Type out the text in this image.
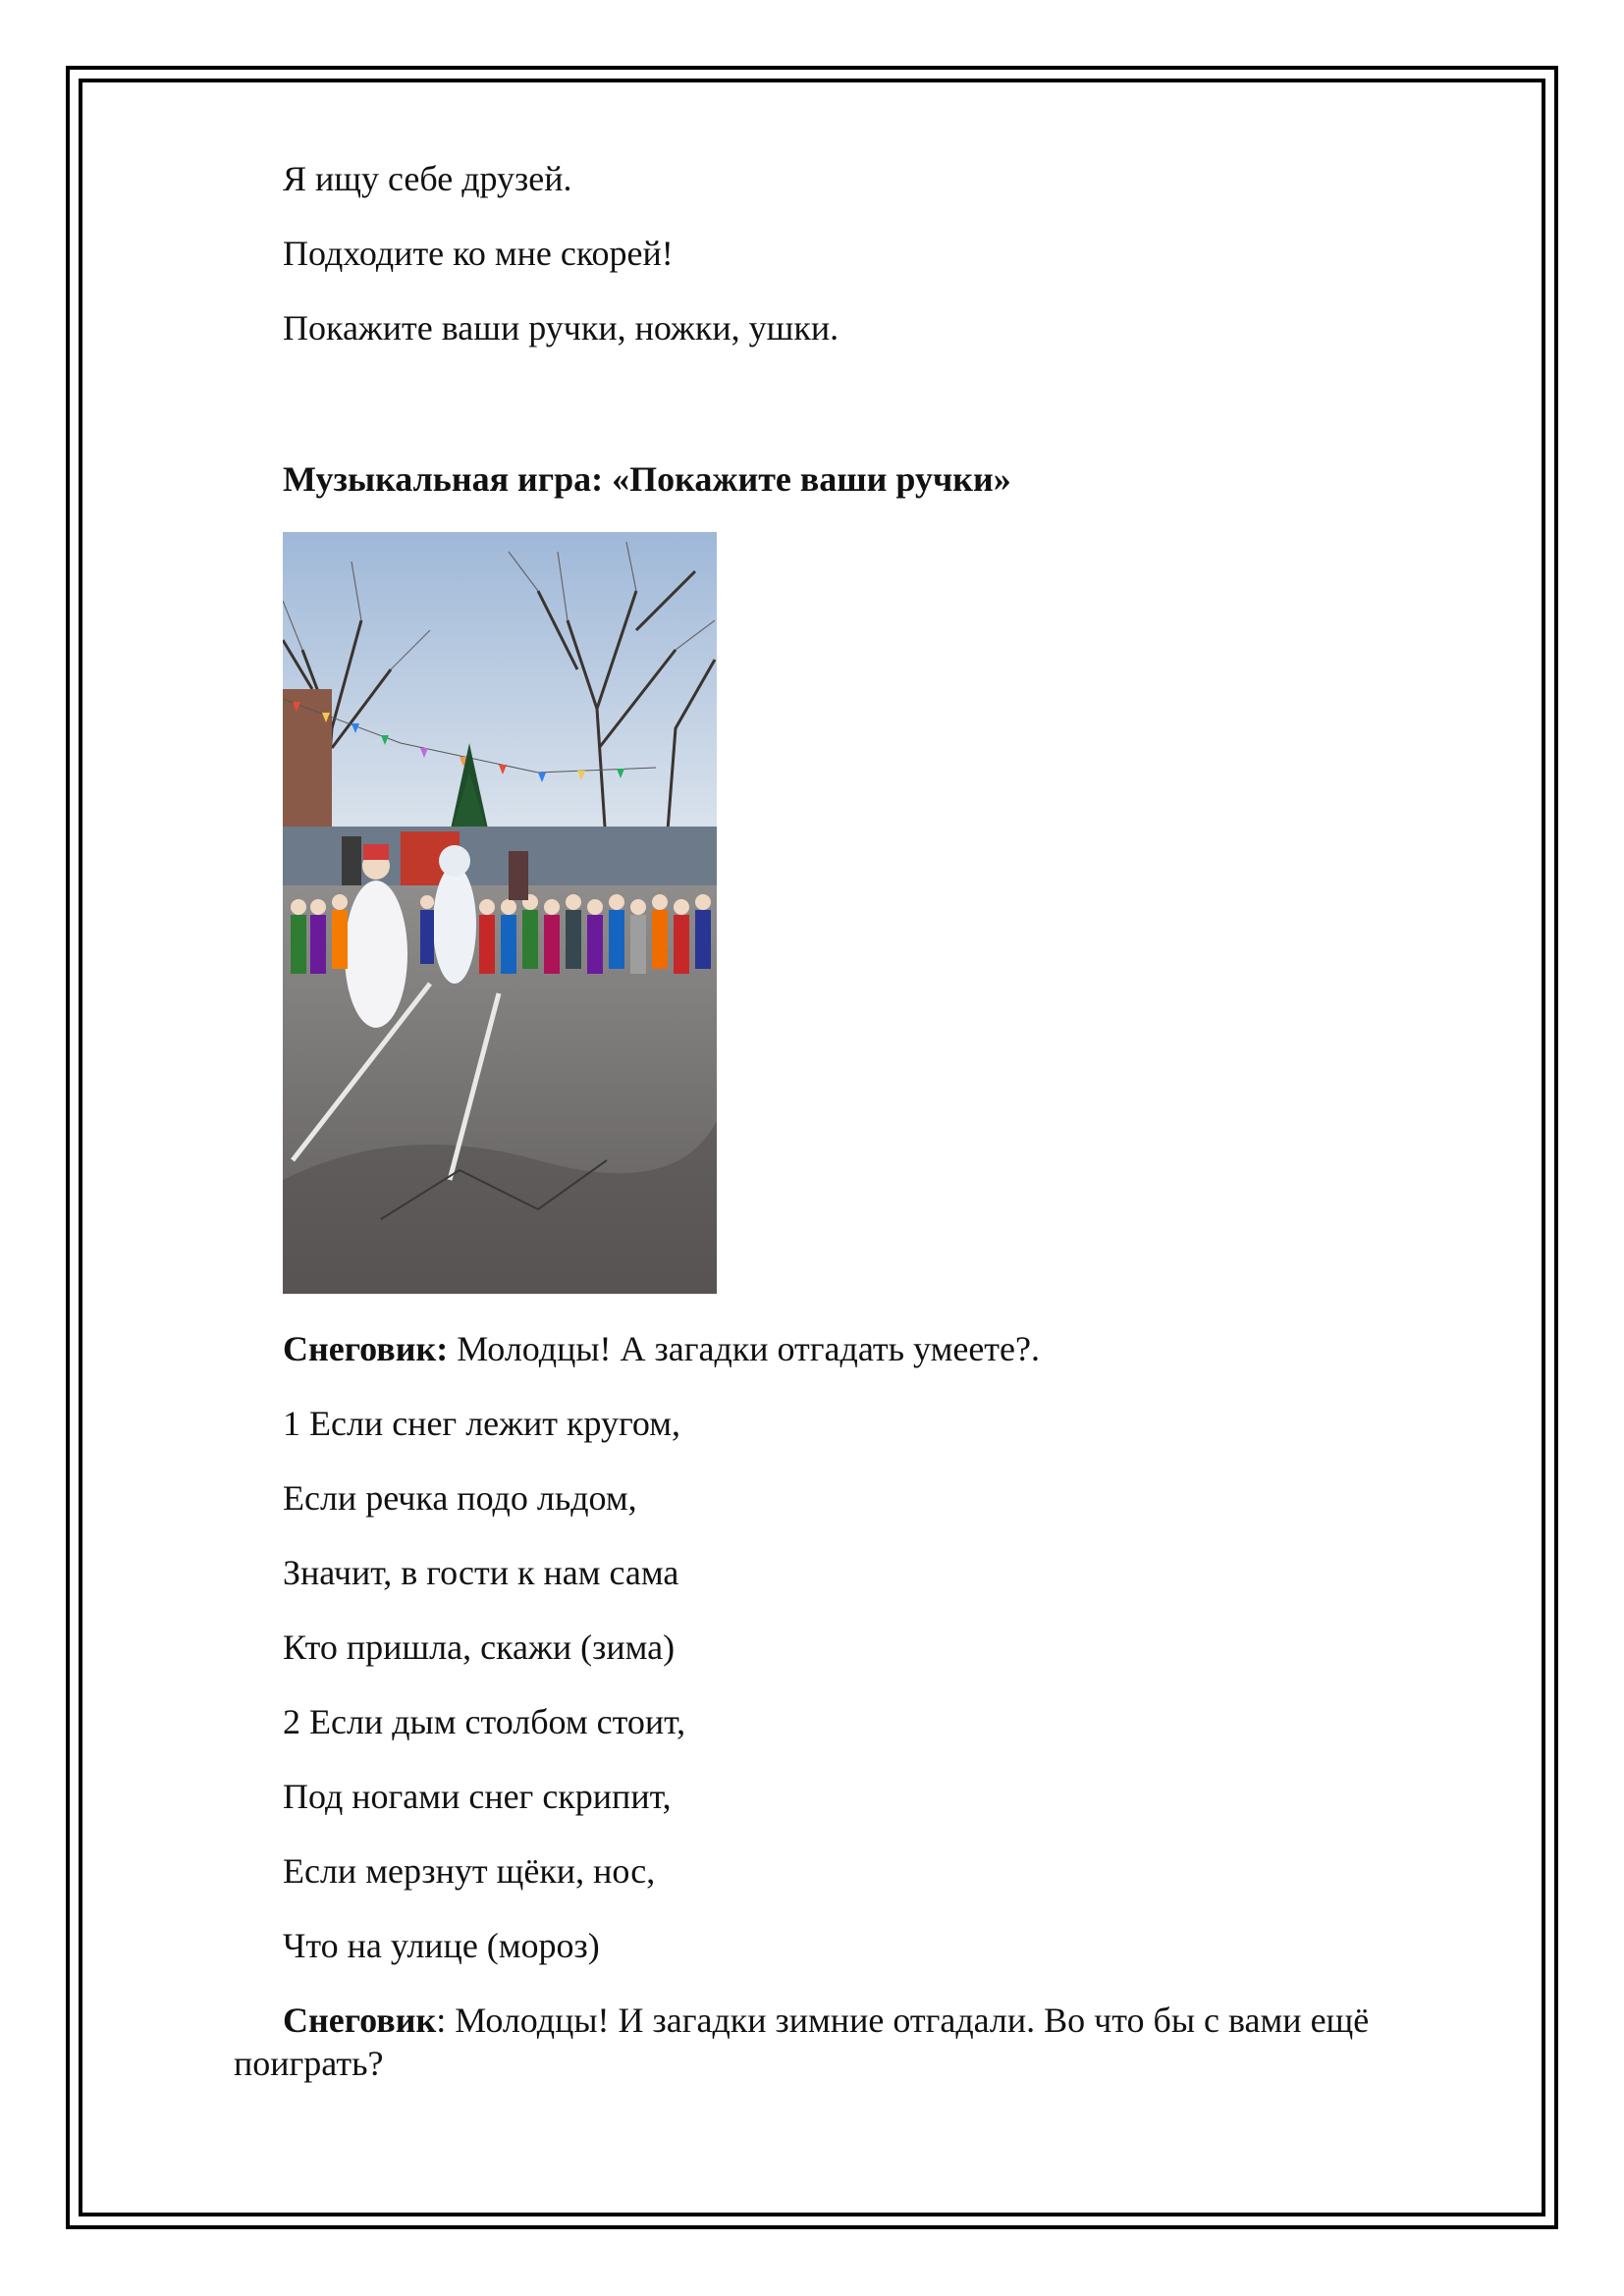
Я ищу себе друзей.
Подходите ко мне скорей!
Покажите ваши ручки, ножки, ушки.
Музыкальная игра: «Покажите ваши ручки»
Снеговик: Молодцы! А загадки отгадать умеете?.
1 Если снег лежит кругом,
Если речка подо льдом,
Значит, в гости к нам сама
Кто пришла, скажи (зима)
2 Если дым столбом стоит,
Под ногами снег скрипит,
Если мерзнут щёки, нос,
Что на улице (мороз)
Снеговик: Молодцы! И загадки зимние отгадали. Во что бы с вами ещё поиграть?
